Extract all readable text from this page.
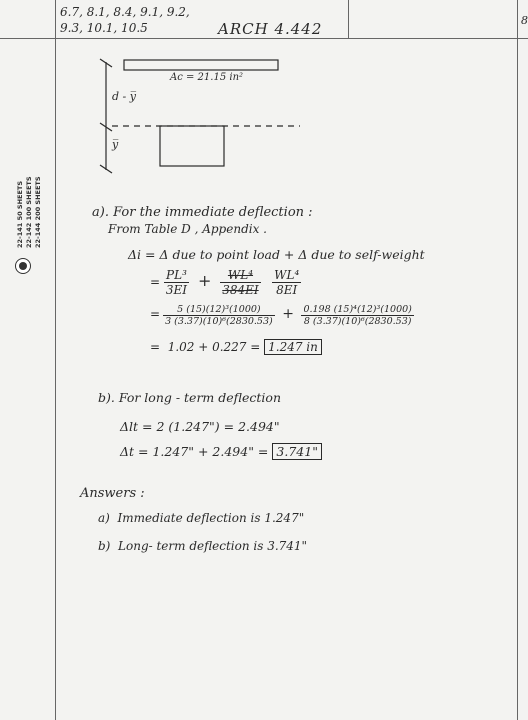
6.7, 8.1, 8.4, 9.1, 9.2,
9.3, 10.1, 10.5	ARCH 4.442	8
22-141 50 SHEETS 22-142 100 SHEETS 22-144 200 SHEETS
Ac = 21.15 in²
d - y̅
y̅
a). For the immediate deflection :
From Table D , Appendix .
Δi = Δ due to point load + Δ due to self-weight
= $\frac{\text{PL³}}{3EI} + \frac{\text{WL⁴}}{384EI}$
$\frac{\text{WL⁴}}{8EI}$
= $\frac{\text{5 (15)(12)³(1000)}}{\text{3 (3.37)(10)⁶(2830.53)}} + \frac{\text{0.198 (15)⁴(12)³(1000)}}{\text{8 (3.37)(10)⁶(2830.53)}}$
=  1.02 + 0.227 = 1.247 in
b). For long - term deflection
Δlt = 2 (1.247") = 2.494"
Δt = 1.247" + 2.494" = 3.741"
Answers :
a) Immediate deflection is 1.247"
b) Long- term deflection is 3.741"
